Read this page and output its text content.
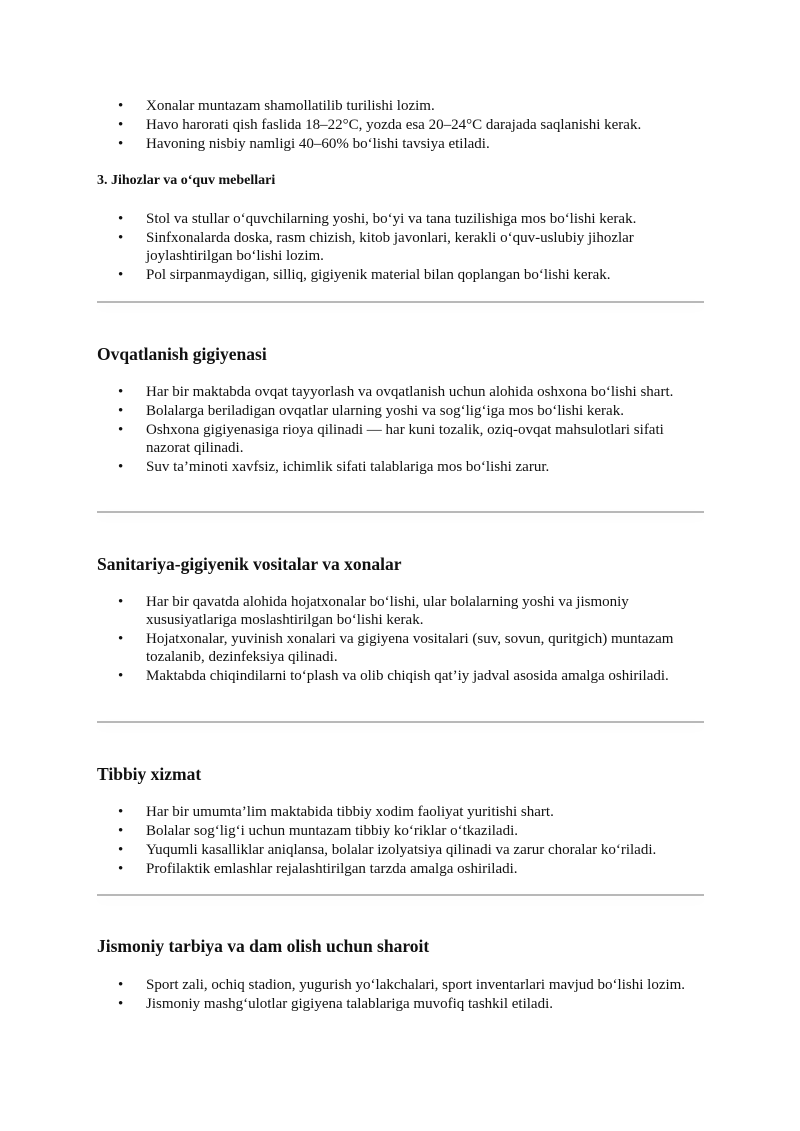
• Xonalar muntazam shamollatilib turilishi lozim.
• Havo harorati qish faslida 18–22°C, yozda esa 20–24°C darajada saqlanishi kerak.
• Havoning nisbiy namligi 40–60% bo‘lishi tavsiya etiladi.
3. Jihozlar va o‘quv mebellari
• Stol va stullar o‘quvchilarning yoshi, bo‘yi va tana tuzilishiga mos bo‘lishi kerak.
• Sinfxonalarda doska, rasm chizish, kitob javonlari, kerakli o‘quv-uslubiy jihozlar joylashtirilgan bo‘lishi lozim.
• Pol sirpanmaydigan, silliq, gigiyenik material bilan qoplangan bo‘lishi kerak.
Ovqatlanish gigiyenasi
• Har bir maktabda ovqat tayyorlash va ovqatlanish uchun alohida oshxona bo‘lishi shart.
• Bolalarga beriladigan ovqatlar ularning yoshi va sog‘lig‘iga mos bo‘lishi kerak.
• Oshxona gigiyenasiga rioya qilinadi — har kuni tozalik, oziq-ovqat mahsulotlari sifati nazorat qilinadi.
• Suv ta’minoti xavfsiz, ichimlik sifati talablariga mos bo‘lishi zarur.
Sanitariya-gigiyenik vositalar va xonalar
• Har bir qavatda alohida hojatxonalar bo‘lishi, ular bolalarning yoshi va jismoniy xususiyatlariga moslashtirilgan bo‘lishi kerak.
• Hojatxonalar, yuvinish xonalari va gigiyena vositalari (suv, sovun, quritgich) muntazam tozalanib, dezinfeksiya qilinadi.
• Maktabda chiqindilarni to‘plash va olib chiqish qat’iy jadval asosida amalga oshiriladi.
Tibbiy xizmat
• Har bir umumta’lim maktabida tibbiy xodim faoliyat yuritishi shart.
• Bolalar sog‘lig‘i uchun muntazam tibbiy ko‘riklar o‘tkaziladi.
• Yuqumli kasalliklar aniqlansa, bolalar izolyatsiya qilinadi va zarur choralar ko‘riladi.
• Profilaktik emlashlar rejalashtirilgan tarzda amalga oshiriladi.
Jismoniy tarbiya va dam olish uchun sharoit
• Sport zali, ochiq stadion, yugurish yo‘lakchalari, sport inventarlari mavjud bo‘lishi lozim.
• Jismoniy mashg‘ulotlar gigiyena talablariga muvofiq tashkil etiladi.
